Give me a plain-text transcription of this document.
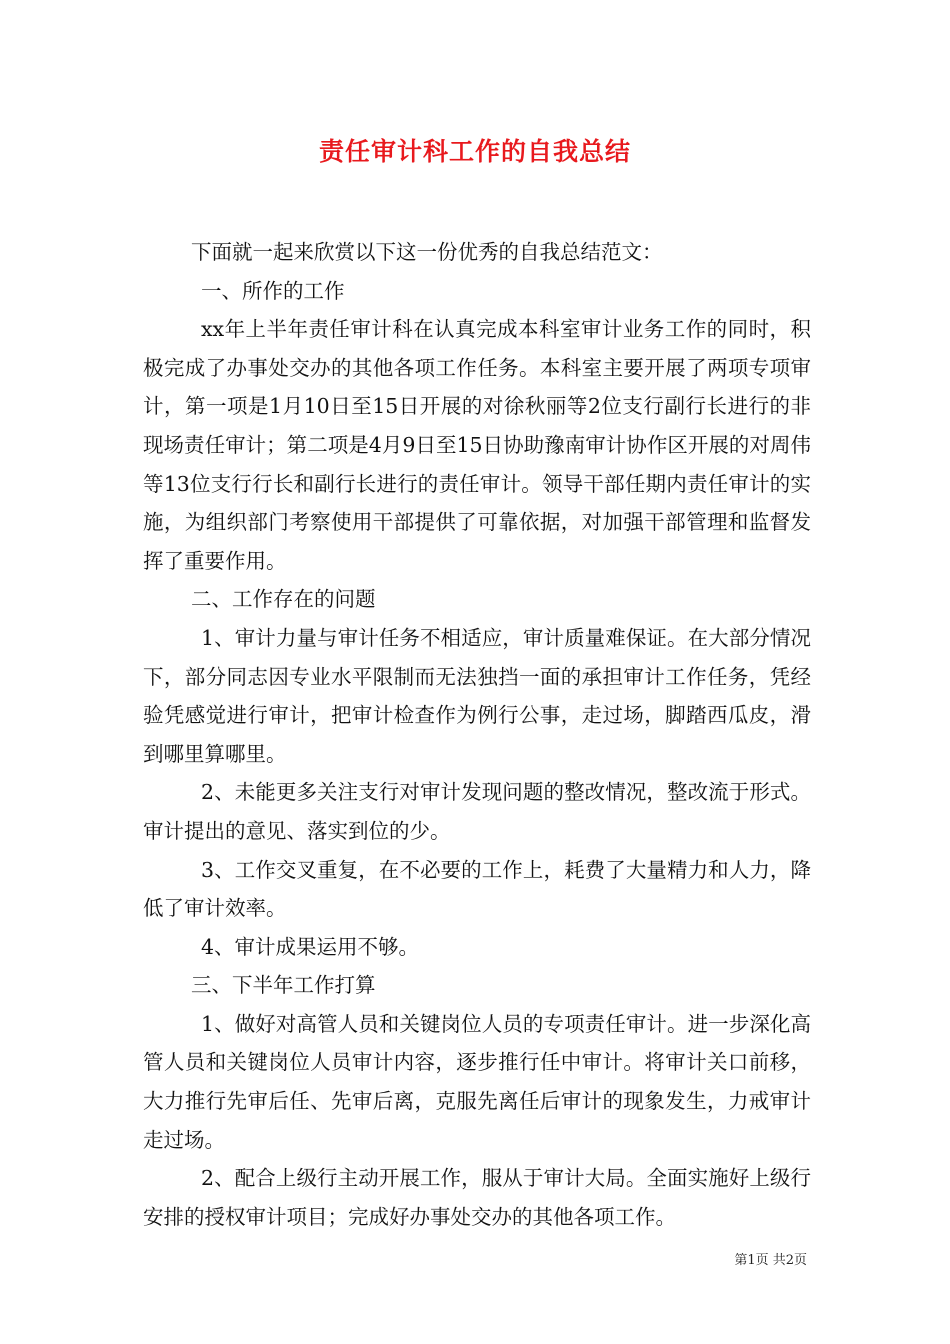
责任审计科工作的自我总结

下面就一起来欣赏以下这一份优秀的自我总结范文：

一、所作的工作

xx年上半年责任审计科在认真完成本科室审计业务工作的同时，积极完成了办事处交办的其他各项工作任务。本科室主要开展了两项专项审计，第一项是1月10日至15日开展的对徐秋丽等2位支行副行长进行的非现场责任审计；第二项是4月9日至15日协助豫南审计协作区开展的对周伟等13位支行行长和副行长进行的责任审计。领导干部任期内责任审计的实施，为组织部门考察使用干部提供了可靠依据，对加强干部管理和监督发挥了重要作用。

二、工作存在的问题

1、审计力量与审计任务不相适应，审计质量难保证。在大部分情况下，部分同志因专业水平限制而无法独挡一面的承担审计工作任务，凭经验凭感觉进行审计，把审计检查作为例行公事，走过场，脚踏西瓜皮，滑到哪里算哪里。

2、未能更多关注支行对审计发现问题的整改情况，整改流于形式。审计提出的意见、落实到位的少。

3、工作交叉重复，在不必要的工作上，耗费了大量精力和人力，降低了审计效率。

4、审计成果运用不够。

三、下半年工作打算

1、做好对高管人员和关键岗位人员的专项责任审计。进一步深化高管人员和关键岗位人员审计内容，逐步推行任中审计。将审计关口前移，大力推行先审后任、先审后离，克服先离任后审计的现象发生，力戒审计走过场。

2、配合上级行主动开展工作，服从于审计大局。全面实施好上级行安排的授权审计项目；完成好办事处交办的其他各项工作。

第1页 共2页
